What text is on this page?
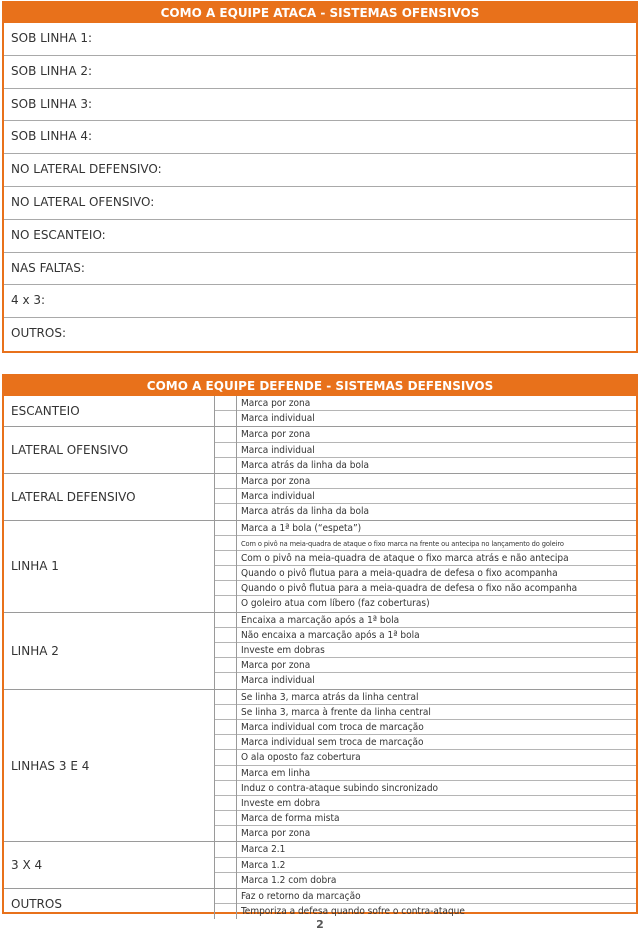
COMO A EQUIPE ATACA - SISTEMAS OFENSIVOS
SOB LINHA 1:
SOB LINHA 2:
SOB LINHA 3:
SOB LINHA 4:
NO LATERAL DEFENSIVO:
NO LATERAL OFENSIVO:
NO ESCANTEIO:
NAS FALTAS:
4 x 3:
OUTROS:
COMO A EQUIPE DEFENDE - SISTEMAS DEFENSIVOS
ESCANTEIO
Marca por zona
Marca individual
LATERAL OFENSIVO
Marca por zona
Marca individual
Marca atrás da linha da bola
LATERAL DEFENSIVO
Marca por zona
Marca individual
Marca atrás da linha da bola
LINHA 1
Marca a 1ª bola (“espeta”)
Com o pivô na meia-quadra de ataque o fixo marca na frente ou antecipa no lançamento do goleiro
Com o pivô na meia-quadra de ataque o fixo marca atrás e não antecipa
Quando o pivô flutua para a meia-quadra de defesa o fixo acompanha
Quando o pivô flutua para a meia-quadra de defesa o fixo não acompanha
O goleiro atua com líbero (faz coberturas)
LINHA 2
Encaixa a marcação após a 1ª bola
Não encaixa a marcação após a 1ª bola
Investe em dobras
Marca por zona
Marca individual
LINHAS 3 E 4
Se linha 3, marca atrás da linha central
Se linha 3, marca à frente da linha central
Marca individual com troca de marcação
Marca individual sem troca de marcação
O ala oposto faz cobertura
Marca em linha
Induz o contra-ataque subindo sincronizado
Investe em dobra
Marca de forma mista
Marca por zona
3 X 4
Marca 2.1
Marca 1.2
Marca 1.2 com dobra
OUTROS
Faz o retorno da marcação
Temporiza a defesa quando sofre o contra-ataque
2
